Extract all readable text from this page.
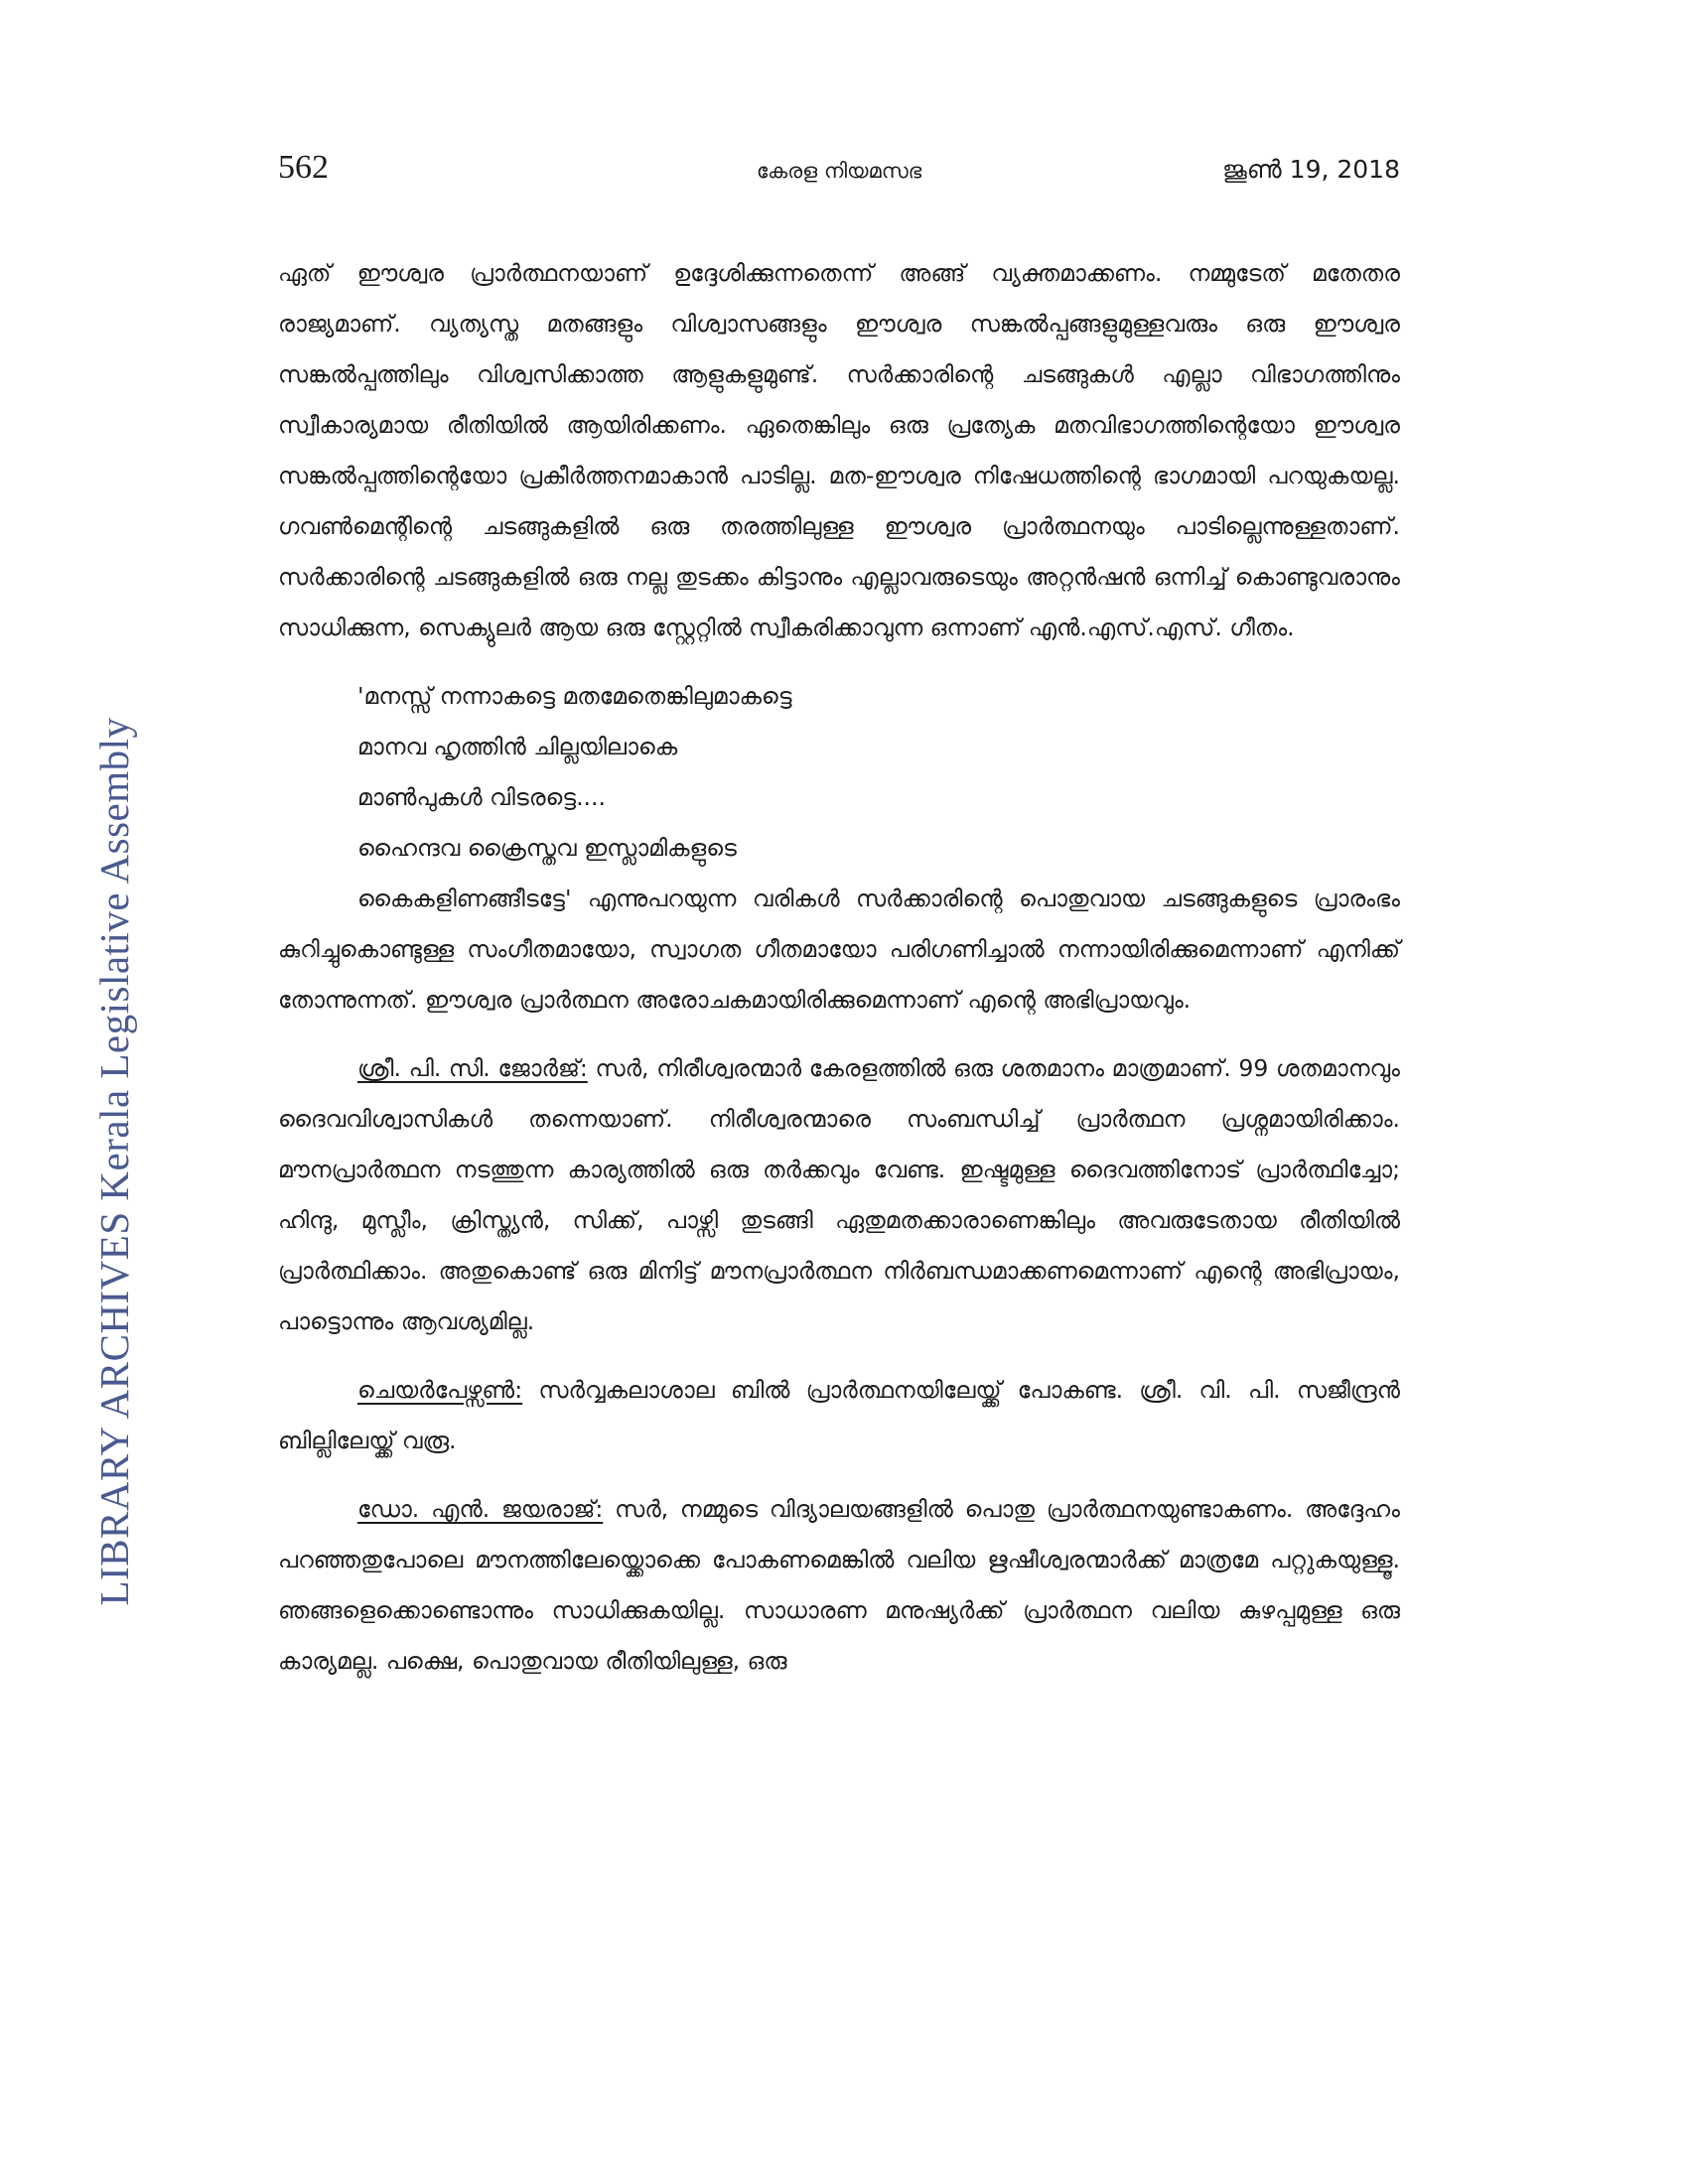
562	കേരള നിയമസഭ	ജൂൺ 19, 2018
LIBRARY ARCHIVES Kerala Legislative Assembly

ഏത് ഈശ്വര പ്രാർത്ഥനയാണ് ഉദ്ദേശിക്കുന്നതെന്ന് അങ്ങ് വ്യക്തമാക്കണം. നമ്മുടേത് മതേതര രാജ്യമാണ്. വ്യത്യസ്ത മതങ്ങളും വിശ്വാസങ്ങളും ഈശ്വര സങ്കൽപ്പങ്ങളുമുള്ളവരും ഒരു ഈശ്വര സങ്കൽപ്പത്തിലും വിശ്വസിക്കാത്ത ആളുകളുമുണ്ട്. സർക്കാരിന്റെ ചടങ്ങുകൾ എല്ലാ വിഭാഗത്തിനും സ്വീകാര്യമായ രീതിയിൽ ആയിരിക്കണം. ഏതെങ്കിലും ഒരു പ്രത്യേക മതവിഭാഗത്തിന്റെയോ ഈശ്വര സങ്കൽപ്പത്തിന്റെയോ പ്രകീർത്തനമാകാൻ പാടില്ല. മത-ഈശ്വര നിഷേധത്തിന്റെ ഭാഗമായി പറയുകയല്ല. ഗവൺമെന്റിന്റെ ചടങ്ങുകളിൽ ഒരു തരത്തിലുള്ള ഈശ്വര പ്രാർത്ഥനയും പാടില്ലെന്നുള്ളതാണ്. സർക്കാരിന്റെ ചടങ്ങുകളിൽ ഒരു നല്ല തുടക്കം കിട്ടാനും എല്ലാവരുടെയും അറ്റൻഷൻ ഒന്നിച്ച് കൊണ്ടുവരാനും സാധിക്കുന്ന, സെക്യുലർ ആയ ഒരു സ്റ്റേറ്റിൽ സ്വീകരിക്കാവുന്ന ഒന്നാണ് എൻ.എസ്.എസ്. ഗീതം.

'മനസ്സ് നന്നാകട്ടെ മതമേതെങ്കിലുമാകട്ടെ

മാനവ ഹൃത്തിൻ ചില്ലയിലാകെ

മാൺപുകൾ വിടരട്ടെ....

ഹൈന്ദവ ക്രൈസ്തവ ഇസ്ലാമികളുടെ

കൈകളിണങ്ങീടട്ടേ' എന്നുപറയുന്ന വരികൾ സർക്കാരിന്റെ പൊതുവായ ചടങ്ങുകളുടെ പ്രാരംഭം കുറിച്ചുകൊണ്ടുള്ള സംഗീതമായോ, സ്വാഗത ഗീതമായോ പരിഗണിച്ചാൽ നന്നായിരിക്കുമെന്നാണ് എനിക്ക് തോന്നുന്നത്. ഈശ്വര പ്രാർത്ഥന അരോചകമായിരിക്കുമെന്നാണ് എന്റെ അഭിപ്രായവും.

ശ്രീ. പി. സി. ജോർജ്: സർ, നിരീശ്വരന്മാർ കേരളത്തിൽ ഒരു ശതമാനം മാത്രമാണ്. 99 ശതമാനവും ദൈവവിശ്വാസികൾ തന്നെയാണ്. നിരീശ്വരന്മാരെ സംബന്ധിച്ച് പ്രാർത്ഥന പ്രശ്നമായിരിക്കാം. മൗനപ്രാർത്ഥന നടത്തുന്ന കാര്യത്തിൽ ഒരു തർക്കവും വേണ്ട. ഇഷ്ടമുള്ള ദൈവത്തിനോട് പ്രാർത്ഥിച്ചോ; ഹിന്ദു, മുസ്ലീം, ക്രിസ്ത്യൻ, സിക്ക്, പാഴ്സി തുടങ്ങി ഏതുമതക്കാരാണെങ്കിലും അവരുടേതായ രീതിയിൽ പ്രാർത്ഥിക്കാം. അതുകൊണ്ട് ഒരു മിനിട്ട് മൗനപ്രാർത്ഥന നിർബന്ധമാക്കണമെന്നാണ് എന്റെ അഭിപ്രായം, പാട്ടൊന്നും ആവശ്യമില്ല.

ചെയർപേഴ്സൺ: സർവ്വകലാശാല ബിൽ പ്രാർത്ഥനയിലേയ്ക്ക് പോകണ്ട. ശ്രീ. വി. പി. സജീന്ദ്രൻ ബില്ലിലേയ്ക്ക് വരൂ.

ഡോ. എൻ. ജയരാജ്: സർ, നമ്മുടെ വിദ്യാലയങ്ങളിൽ പൊതു പ്രാർത്ഥനയുണ്ടാകണം. അദ്ദേഹം പറഞ്ഞതുപോലെ മൗനത്തിലേയ്ക്കൊക്കെ പോകണമെങ്കിൽ വലിയ ഋഷീശ്വരന്മാർക്ക് മാത്രമേ പറ്റുകയുള്ളൂ. ഞങ്ങളെക്കൊണ്ടൊന്നും സാധിക്കുകയില്ല. സാധാരണ മനുഷ്യർക്ക് പ്രാർത്ഥന വലിയ കുഴപ്പമുള്ള ഒരു കാര്യമല്ല. പക്ഷെ, പൊതുവായ രീതിയിലുള്ള, ഒരു
